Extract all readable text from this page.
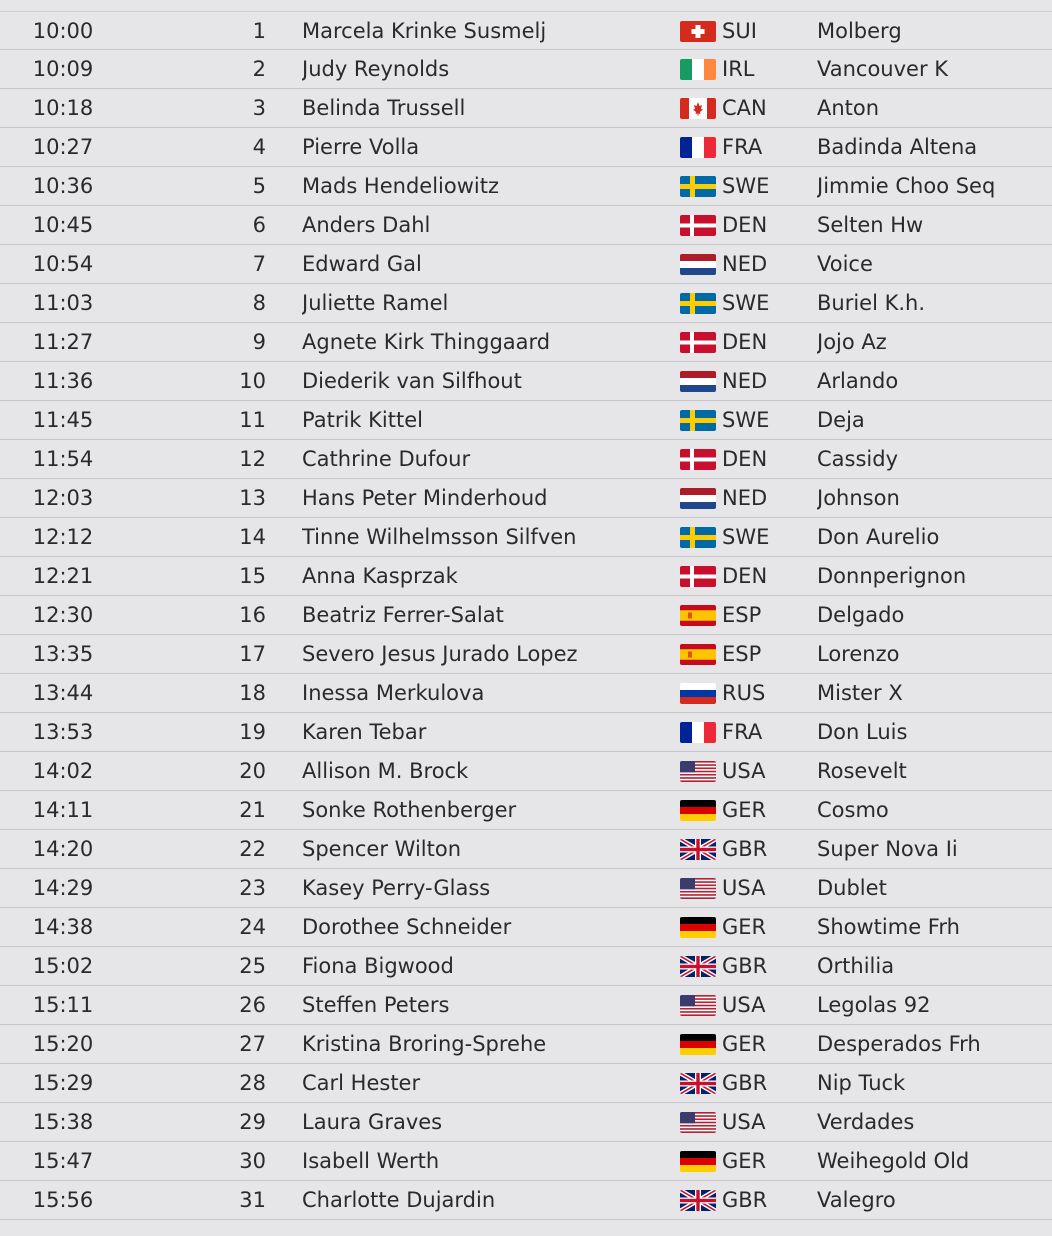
10:00	1 Marcela Krinke Susmelj	SUI	Molberg
10:09	2 Judy Reynolds	IRL	Vancouver K
10:18	3 Belinda Trussell	CAN	Anton
10:27	4 Pierre Volla	FRA	Badinda Altena
10:36	5 Mads Hendeliowitz	SWE	Jimmie Choo Seq
10:45	6 Anders Dahl	DEN	Selten Hw
10:54	7 Edward Gal	NED	Voice
11:03	8 Juliette Ramel	SWE	Buriel K.h.
11:27	9 Agnete Kirk Thinggaard	DEN	Jojo Az
11:36	10 Diederik van Silfhout	NED	Arlando
11:45	11 Patrik Kittel	SWE	Deja
11:54	12 Cathrine Dufour	DEN	Cassidy
12:03	13 Hans Peter Minderhoud	NED	Johnson
12:12	14 Tinne Wilhelmsson Silfven	SWE	Don Aurelio
12:21	15 Anna Kasprzak	DEN	Donnperignon
12:30	16 Beatriz Ferrer-Salat	ESP	Delgado
13:35	17 Severo Jesus Jurado Lopez	ESP	Lorenzo
13:44	18 Inessa Merkulova	RUS	Mister X
13:53	19 Karen Tebar	FRA	Don Luis
14:02	20 Allison M. Brock	USA	Rosevelt
14:11	21 Sonke Rothenberger	GER	Cosmo
14:20	22 Spencer Wilton	GBR	Super Nova Ii
14:29	23 Kasey Perry-Glass	USA	Dublet
14:38	24 Dorothee Schneider	GER	Showtime Frh
15:02	25 Fiona Bigwood	GBR	Orthilia
15:11	26 Steffen Peters	USA	Legolas 92
15:20	27 Kristina Broring-Sprehe	GER	Desperados Frh
15:29	28 Carl Hester	GBR	Nip Tuck
15:38	29 Laura Graves	USA	Verdades
15:47	30 Isabell Werth	GER	Weihegold Old
15:56	31 Charlotte Dujardin	GBR	Valegro
